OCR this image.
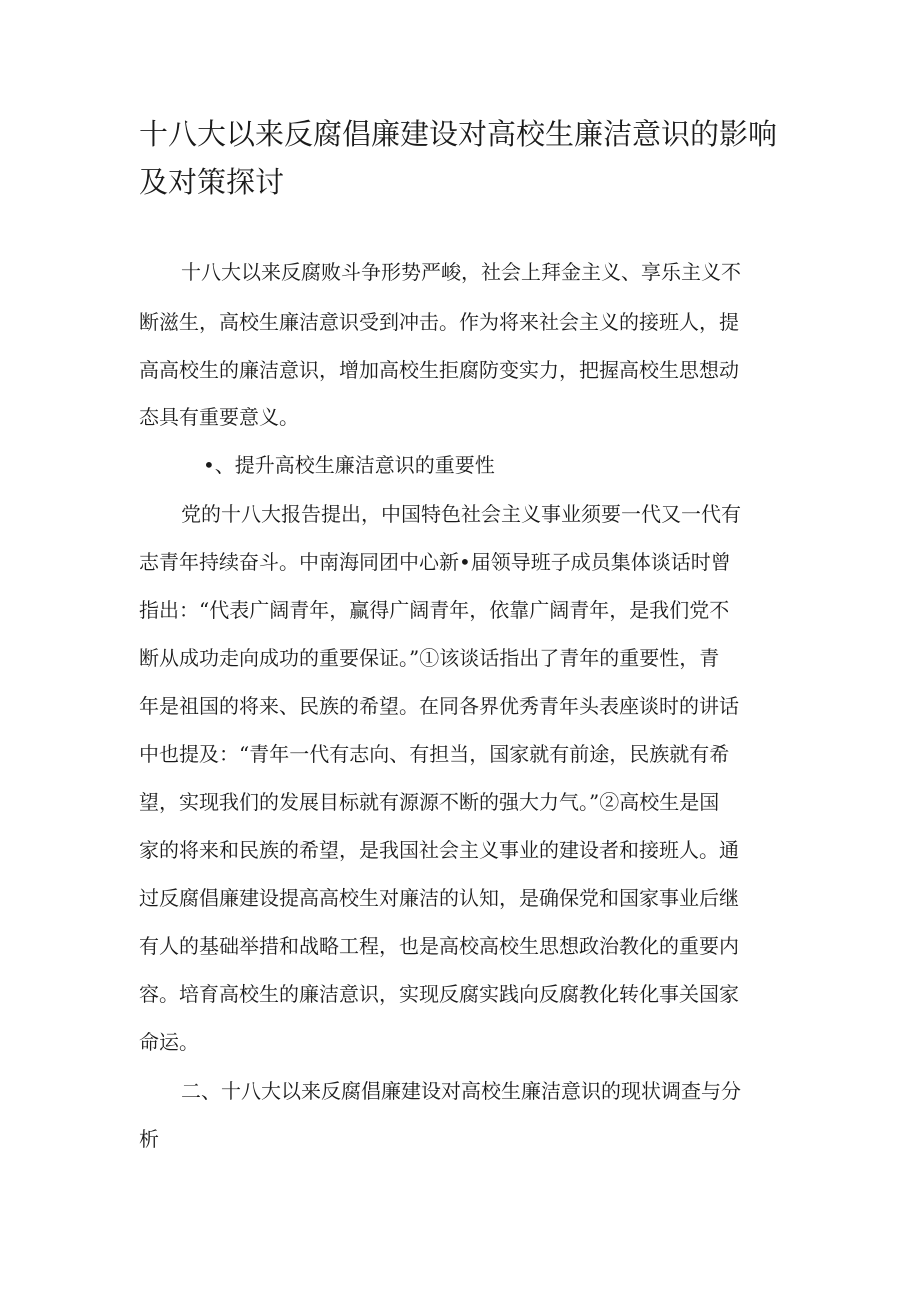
十八大以来反腐倡廉建设对高校生廉洁意识的影响及对策探讨

十八大以来反腐败斗争形势严峻，社会上拜金主义、享乐主义不

断滋生，高校生廉洁意识受到冲击。作为将来社会主义的接班人，提

高高校生的廉洁意识，增加高校生拒腐防变实力，把握高校生思想动

态具有重要意义。

•、提升高校生廉洁意识的重要性

党的十八大报告提出，中国特色社会主义事业须要一代又一代有

志青年持续奋斗。中南海同团中心新•届领导班子成员集体谈话时曾

指出：“代表广阔青年，赢得广阔青年，依靠广阔青年，是我们党不

断从成功走向成功的重要保证。”①该谈话指出了青年的重要性，青

年是祖国的将来、民族的希望。在同各界优秀青年头表座谈时的讲话

中也提及：“青年一代有志向、有担当，国家就有前途，民族就有希

望，实现我们的发展目标就有源源不断的强大力气。”②高校生是国

家的将来和民族的希望，是我国社会主义事业的建设者和接班人。通

过反腐倡廉建设提高高校生对廉洁的认知，是确保党和国家事业后继

有人的基础举措和战略工程，也是高校高校生思想政治教化的重要内

容。培育高校生的廉洁意识，实现反腐实践向反腐教化转化事关国家

命运。

二、十八大以来反腐倡廉建设对高校生廉洁意识的现状调查与分

析
